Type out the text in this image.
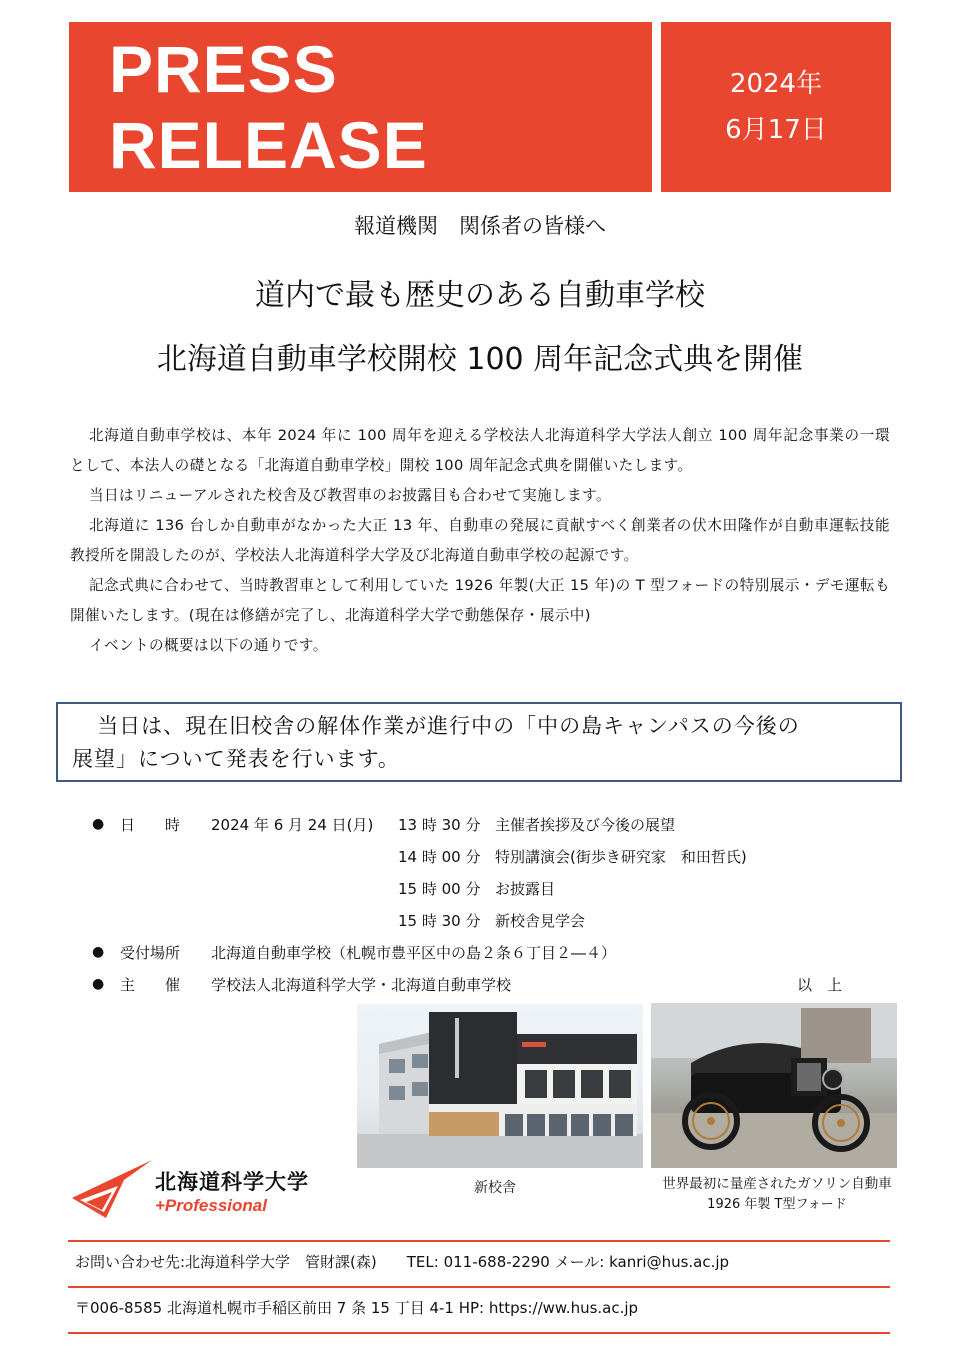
PRESS RELEASE
2024年
6月17日
報道機関　関係者の皆様へ
道内で最も歴史のある自動車学校
北海道自動車学校開校 100 周年記念式典を開催

北海道自動車学校は、本年 2024 年に 100 周年を迎える学校法人北海道科学大学法人創立 100 周年記念事業の一環として、本法人の礎となる「北海道自動車学校」開校 100 周年記念式典を開催いたします。

当日はリニューアルされた校舎及び教習車のお披露目も合わせて実施します。

北海道に 136 台しか自動車がなかった大正 13 年、自動車の発展に貢献すべく創業者の伏木田隆作が自動車運転技能教授所を開設したのが、学校法人北海道科学大学及び北海道自動車学校の起源です。

記念式典に合わせて、当時教習車として利用していた 1926 年製(大正 15 年)の T 型フォードの特別展示・デモ運転も開催いたします。(現在は修繕が完了し、北海道科学大学で動態保存・展示中)

イベントの概要は以下の通りです。

当日は、現在旧校舎の解体作業が進行中の「中の島キャンパスの今後の
展望」について発表を行います。
● 日　　時 2024 年 6 月 24 日(月) 13 時 30 分 主催者挨拶及び今後の展望
14 時 00 分 特別講演会(街歩き研究家　和田哲氏)
15 時 00 分 お披露目
15 時 30 分 新校舎見学会
● 受付場所 北海道自動車学校（札幌市豊平区中の島２条６丁目２―４）
● 主　　催 学校法人北海道科学大学・北海道自動車学校	以　上
北海道科学大学
+Professional
新校舎	世界最初に量産されたガソリン自動車
1926 年製 T型フォード
お問い合わせ先:北海道科学大学　管財課(森)　　TEL: 011-688-2290 メール: kanri@hus.ac.jp
〒006-8585 北海道札幌市手稲区前田 7 条 15 丁目 4-1 HP: https://ww.hus.ac.jp
